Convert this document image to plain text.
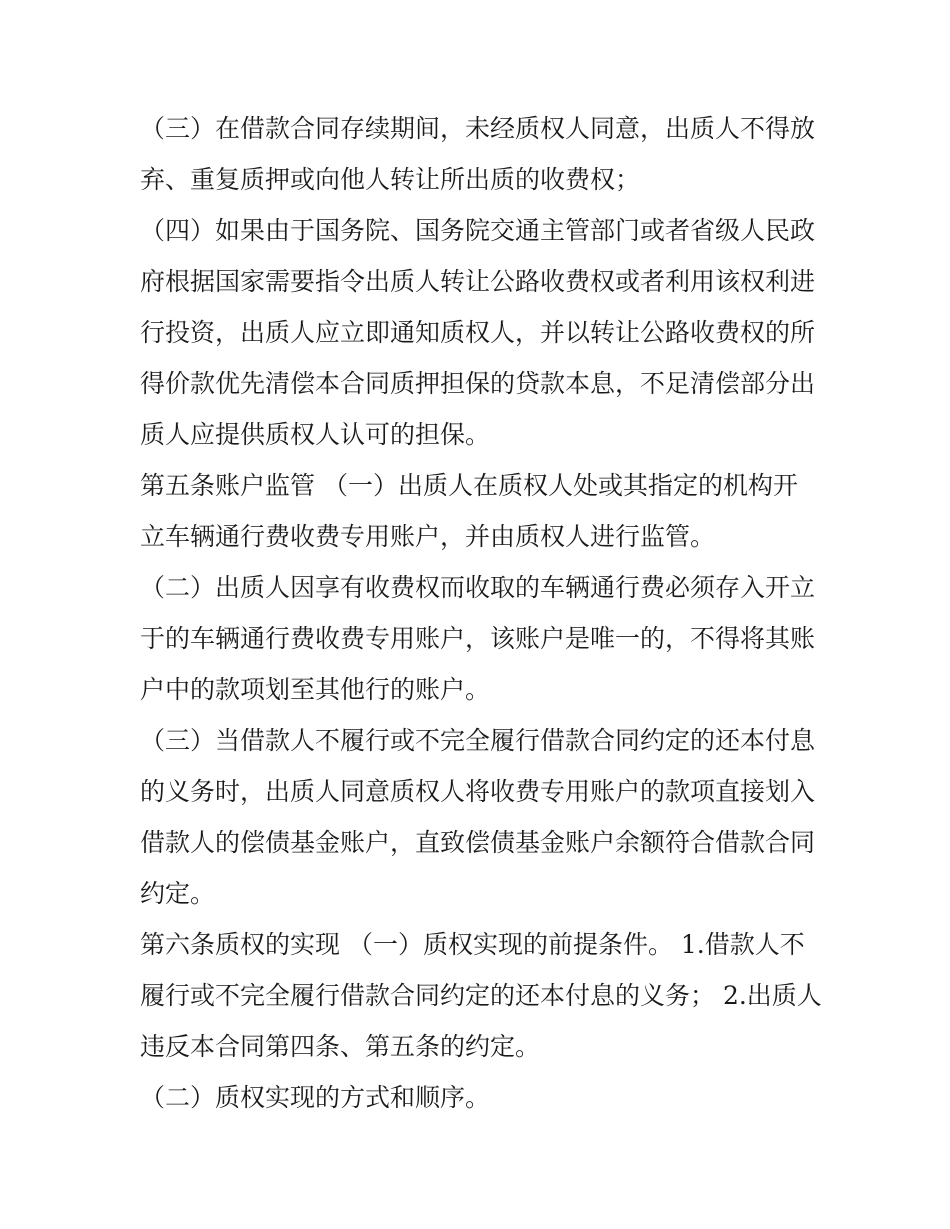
（三）在借款合同存续期间，未经质权人同意，出质人不得放
弃、重复质押或向他人转让所出质的收费权；
（四）如果由于国务院、国务院交通主管部门或者省级人民政
府根据国家需要指令出质人转让公路收费权或者利用该权利进
行投资，出质人应立即通知质权人，并以转让公路收费权的所
得价款优先清偿本合同质押担保的贷款本息，不足清偿部分出
质人应提供质权人认可的担保。
第五条账户监管 （一）出质人在质权人处或其指定的机构开
立车辆通行费收费专用账户，并由质权人进行监管。
（二）出质人因享有收费权而收取的车辆通行费必须存入开立
于的车辆通行费收费专用账户，该账户是唯一的，不得将其账
户中的款项划至其他行的账户。
（三）当借款人不履行或不完全履行借款合同约定的还本付息
的义务时，出质人同意质权人将收费专用账户的款项直接划入
借款人的偿债基金账户，直致偿债基金账户余额符合借款合同
约定。
第六条质权的实现 （一）质权实现的前提条件。 1.借款人不
履行或不完全履行借款合同约定的还本付息的义务； 2.出质人
违反本合同第四条、第五条的约定。
（二）质权实现的方式和顺序。
